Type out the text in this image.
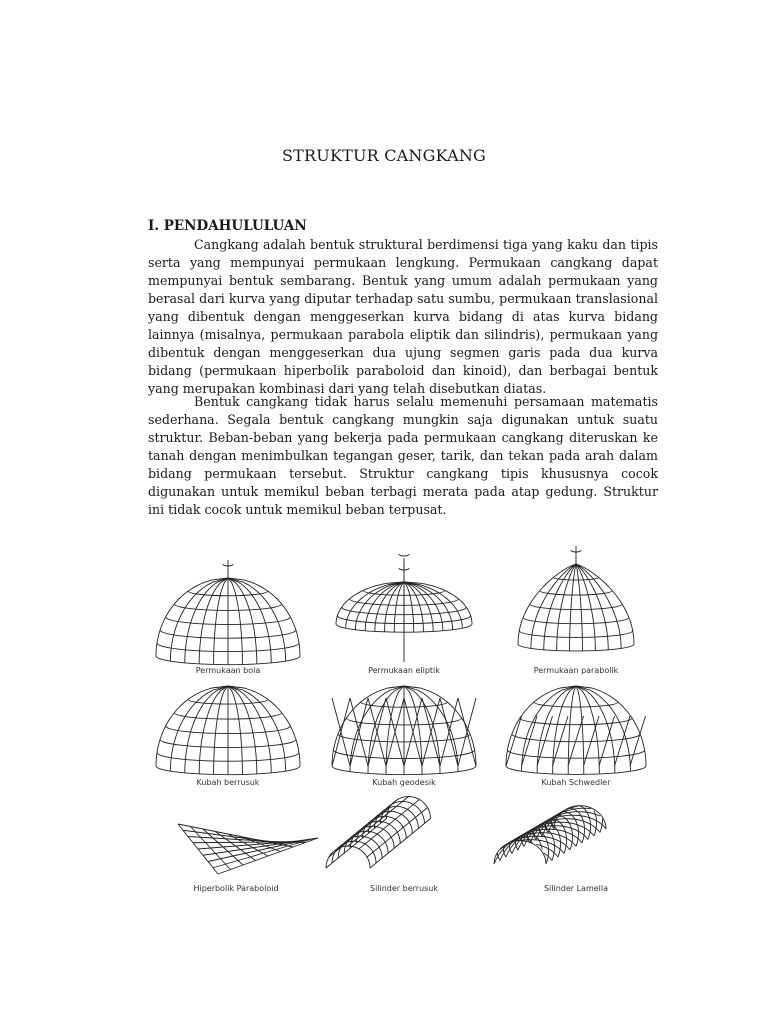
STRUKTUR CANGKANG
I. PENDAHULULUAN

Cangkang adalah bentuk struktural berdimensi tiga yang kaku dan tipis serta yang mempunyai permukaan lengkung. Permukaan cangkang dapat mempunyai bentuk sembarang. Bentuk yang umum adalah permukaan yang berasal dari kurva yang diputar terhadap satu sumbu, permukaan translasional yang dibentuk dengan menggeserkan kurva bidang di atas kurva bidang lainnya (misalnya, permukaan parabola eliptik dan silindris), permukaan yang dibentuk dengan menggeserkan dua ujung segmen garis pada dua kurva bidang (permukaan hiperbolik paraboloid dan kinoid), dan berbagai bentuk yang merupakan kombinasi dari yang telah disebutkan diatas.

Bentuk cangkang tidak harus selalu memenuhi persamaan matematis sederhana. Segala bentuk cangkang mungkin saja digunakan untuk suatu struktur. Beban-beban yang bekerja pada permukaan cangkang diteruskan ke tanah dengan menimbulkan tegangan geser, tarik, dan tekan pada arah dalam bidang permukaan tersebut. Struktur cangkang tipis khususnya cocok digunakan untuk memikul beban terbagi merata pada atap gedung. Struktur ini tidak cocok untuk memikul beban terpusat.

Permukaan bola	Permukaan eliptik	Permukaan parabolik
Kubah berrusuk	Kubah geodesik	Kubah Schwedler
Hiperbolik Paraboloid	Silinder berrusuk	Silinder Lamella
